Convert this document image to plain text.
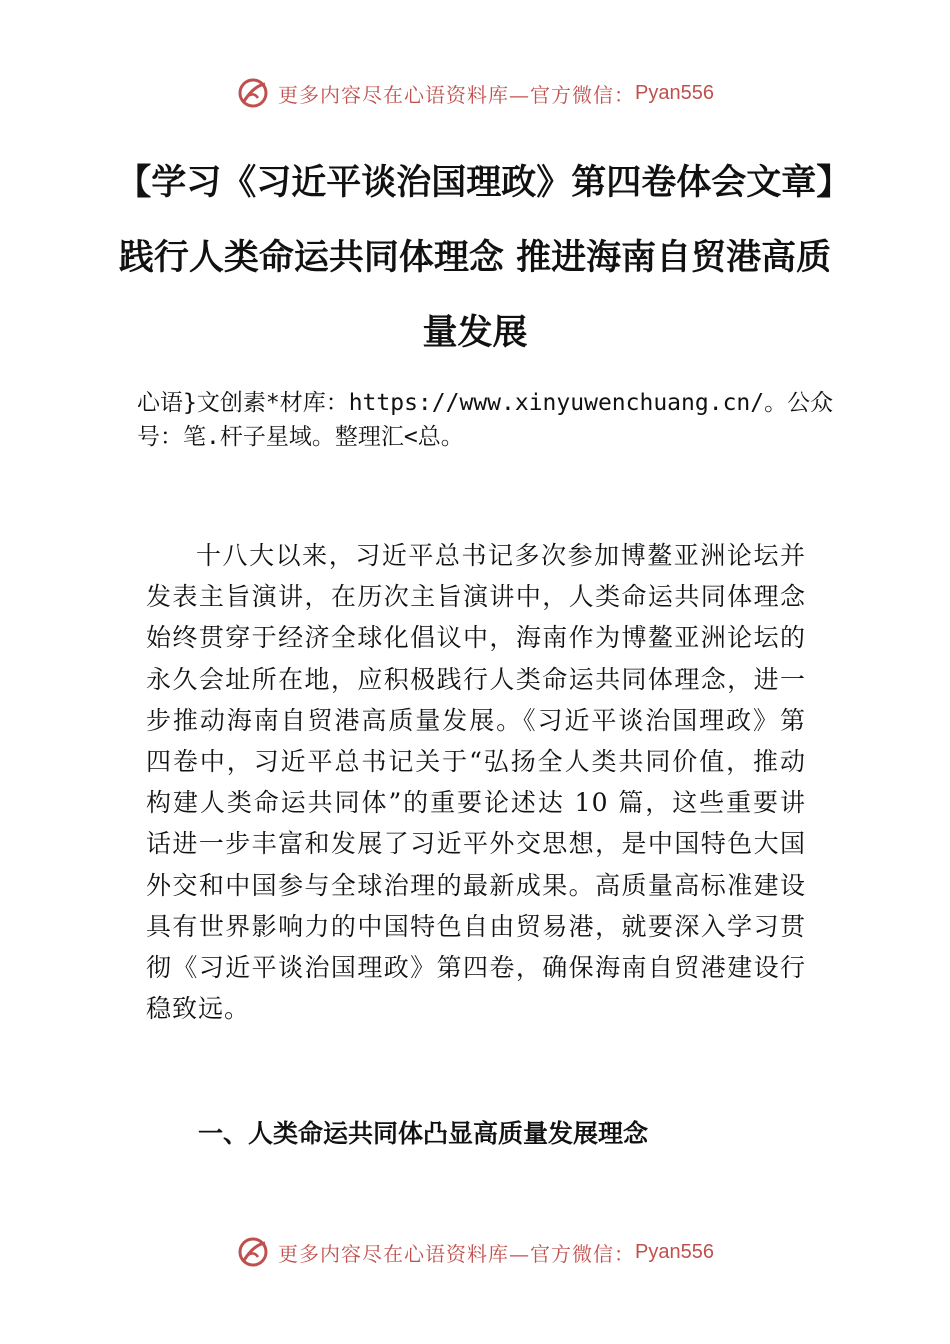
更多内容尽在心语资料库—官方微信： Pyan556
【学习《习近平谈治国理政》第四卷体会文章】践行人类命运共同体理念 推进海南自贸港高质量发展
心语}文创素*材库：https://www.xinyuwenchuang.cn/。公众号：笔.杆子星域。整理汇<总。

十八大以来，习近平总书记多次参加博鳌亚洲论坛并发表主旨演讲，在历次主旨演讲中，人类命运共同体理念始终贯穿于经济全球化倡议中，海南作为博鳌亚洲论坛的永久会址所在地，应积极践行人类命运共同体理念，进一步推动海南自贸港高质量发展。《习近平谈治国理政》第四卷中，习近平总书记关于“弘扬全人类共同价值，推动构建人类命运共同体”的重要论述达 10 篇，这些重要讲话进一步丰富和发展了习近平外交思想，是中国特色大国外交和中国参与全球治理的最新成果。高质量高标准建设具有世界影响力的中国特色自由贸易港，就要深入学习贯彻《习近平谈治国理政》第四卷，确保海南自贸港建设行稳致远。

一、人类命运共同体凸显高质量发展理念
更多内容尽在心语资料库—官方微信： Pyan556
